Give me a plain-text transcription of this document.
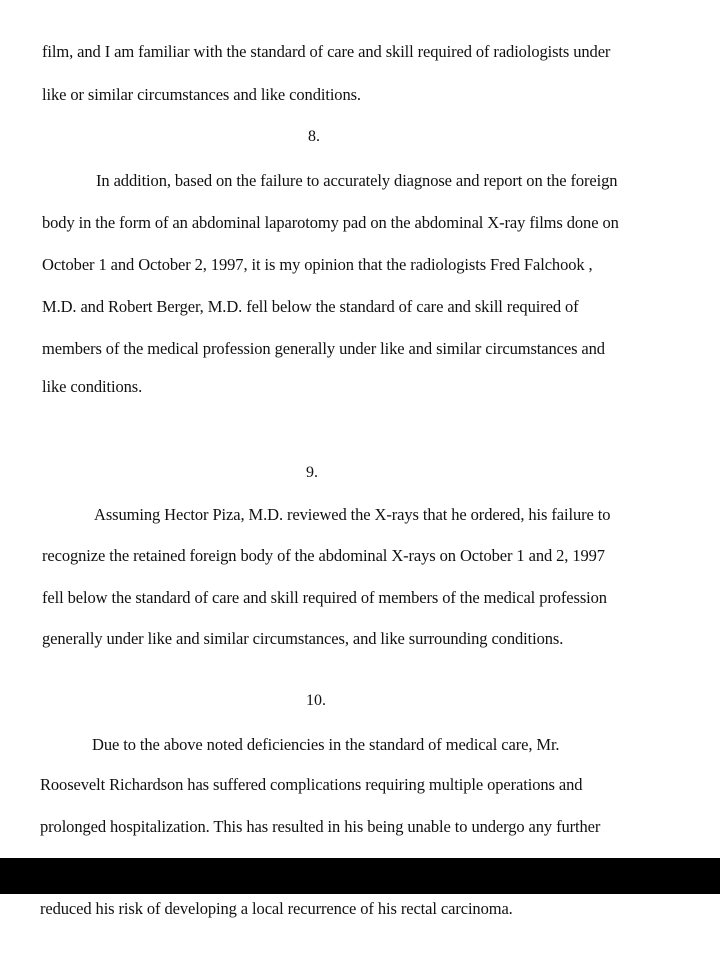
film, and I am familiar with the standard of care and skill required of radiologists under
like or similar circumstances and like conditions.
8.
In addition, based on the failure to accurately diagnose and report on the foreign
body in the form of an abdominal laparotomy pad on the abdominal X-ray films done on
October 1 and October 2, 1997, it is my opinion that the radiologists Fred Falchook ,
M.D. and Robert Berger, M.D. fell below the standard of care and skill required of
members of the medical profession generally under like and similar circumstances and
like conditions.
9.
Assuming Hector Piza, M.D. reviewed the X-rays that he ordered, his failure to
recognize the retained foreign body of the abdominal X-rays on October 1 and 2, 1997
fell below the standard of care and skill required of members of the medical profession
generally under like and similar circumstances, and like surrounding conditions.
10.
Due to the above noted deficiencies in the standard of medical care, Mr.
Roosevelt Richardson has suffered complications requiring multiple operations and
prolonged hospitalization. This has resulted in his being unable to undergo any further
reduced his risk of developing a local recurrence of his rectal carcinoma.
